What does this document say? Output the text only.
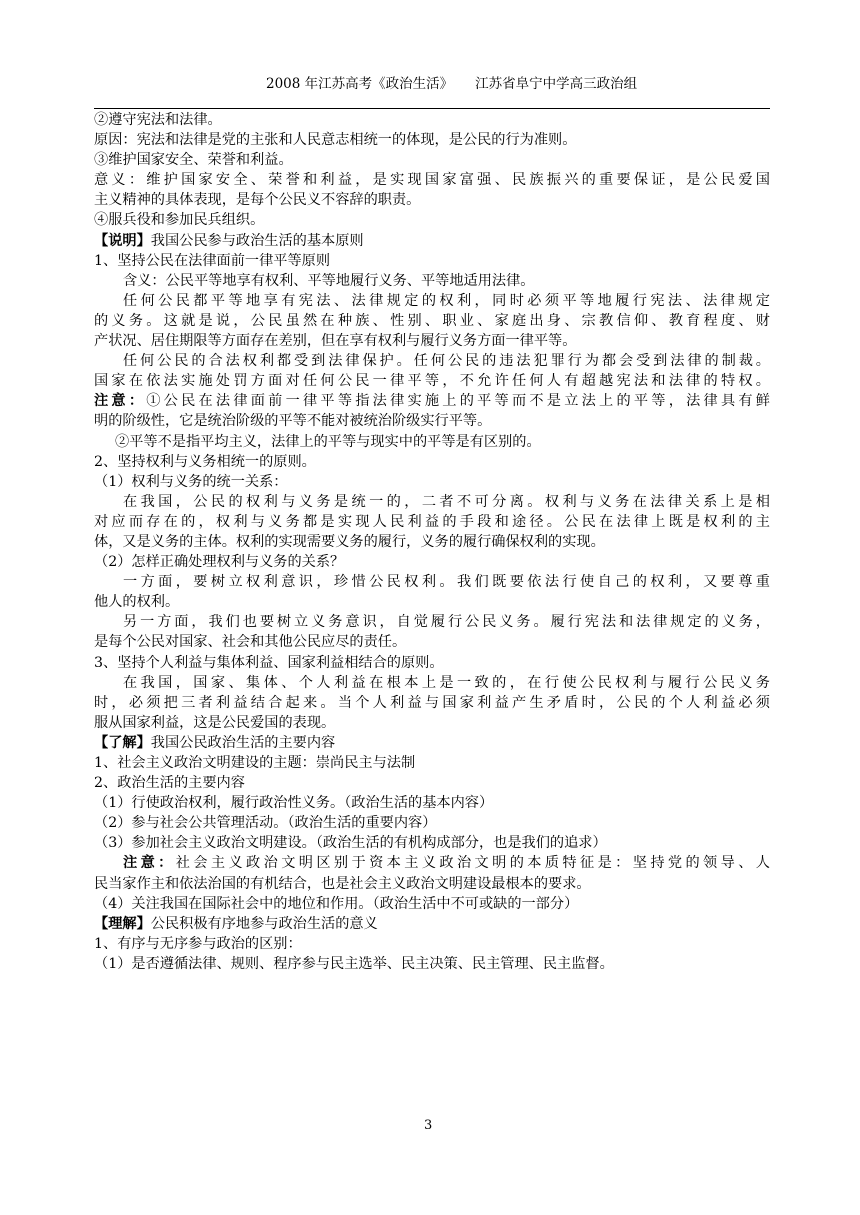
2008 年江苏高考《政治生活》 江苏省阜宁中学高三政治组
②遵守宪法和法律。
原因：宪法和法律是党的主张和人民意志相统一的体现，是公民的行为准则。
③维护国家安全、荣誉和利益。
意义：维护国家安全、荣誉和利益，是实现国家富强、民族振兴的重要保证，是公民爱国
主义精神的具体表现，是每个公民义不容辞的职责。
④服兵役和参加民兵组织。
【说明】我国公民参与政治生活的基本原则
1、坚持公民在法律面前一律平等原则
含义：公民平等地享有权利、平等地履行义务、平等地适用法律。
任何公民都平等地享有宪法、法律规定的权利，同时必须平等地履行宪法、法律规定
的义务。这就是说，公民虽然在种族、性别、职业、家庭出身、宗教信仰、教育程度、财
产状况、居住期限等方面存在差别，但在享有权利与履行义务方面一律平等。
任何公民的合法权利都受到法律保护。任何公民的违法犯罪行为都会受到法律的制裁。
国家在依法实施处罚方面对任何公民一律平等，不允许任何人有超越宪法和法律的特权。
注意：①公民在法律面前一律平等指法律实施上的平等而不是立法上的平等，法律具有鲜
明的阶级性，它是统治阶级的平等不能对被统治阶级实行平等。
②平等不是指平均主义，法律上的平等与现实中的平等是有区别的。
2、坚持权利与义务相统一的原则。
（1）权利与义务的统一关系：
在我国，公民的权利与义务是统一的，二者不可分离。权利与义务在法律关系上是相
对应而存在的，权利与义务都是实现人民利益的手段和途径。公民在法律上既是权利的主
体，又是义务的主体。权利的实现需要义务的履行，义务的履行确保权利的实现。
（2）怎样正确处理权利与义务的关系？
一方面，要树立权利意识，珍惜公民权利。我们既要依法行使自己的权利，又要尊重
他人的权利。
另一方面，我们也要树立义务意识，自觉履行公民义务。履行宪法和法律规定的义务，
是每个公民对国家、社会和其他公民应尽的责任。
3、坚持个人利益与集体利益、国家利益相结合的原则。
在我国，国家、集体、个人利益在根本上是一致的，在行使公民权利与履行公民义务
时，必须把三者利益结合起来。当个人利益与国家利益产生矛盾时，公民的个人利益必须
服从国家利益，这是公民爱国的表现。
【了解】我国公民政治生活的主要内容
1、社会主义政治文明建设的主题：崇尚民主与法制
2、政治生活的主要内容
（1）行使政治权利，履行政治性义务。（政治生活的基本内容）
（2）参与社会公共管理活动。（政治生活的重要内容）
（3）参加社会主义政治文明建设。（政治生活的有机构成部分，也是我们的追求）
注意：社会主义政治文明区别于资本主义政治文明的本质特征是：坚持党的领导、人
民当家作主和依法治国的有机结合，也是社会主义政治文明建设最根本的要求。
（4）关注我国在国际社会中的地位和作用。（政治生活中不可或缺的一部分）
【理解】公民积极有序地参与政治生活的意义
1、有序与无序参与政治的区别：
（1）是否遵循法律、规则、程序参与民主选举、民主决策、民主管理、民主监督。
3
